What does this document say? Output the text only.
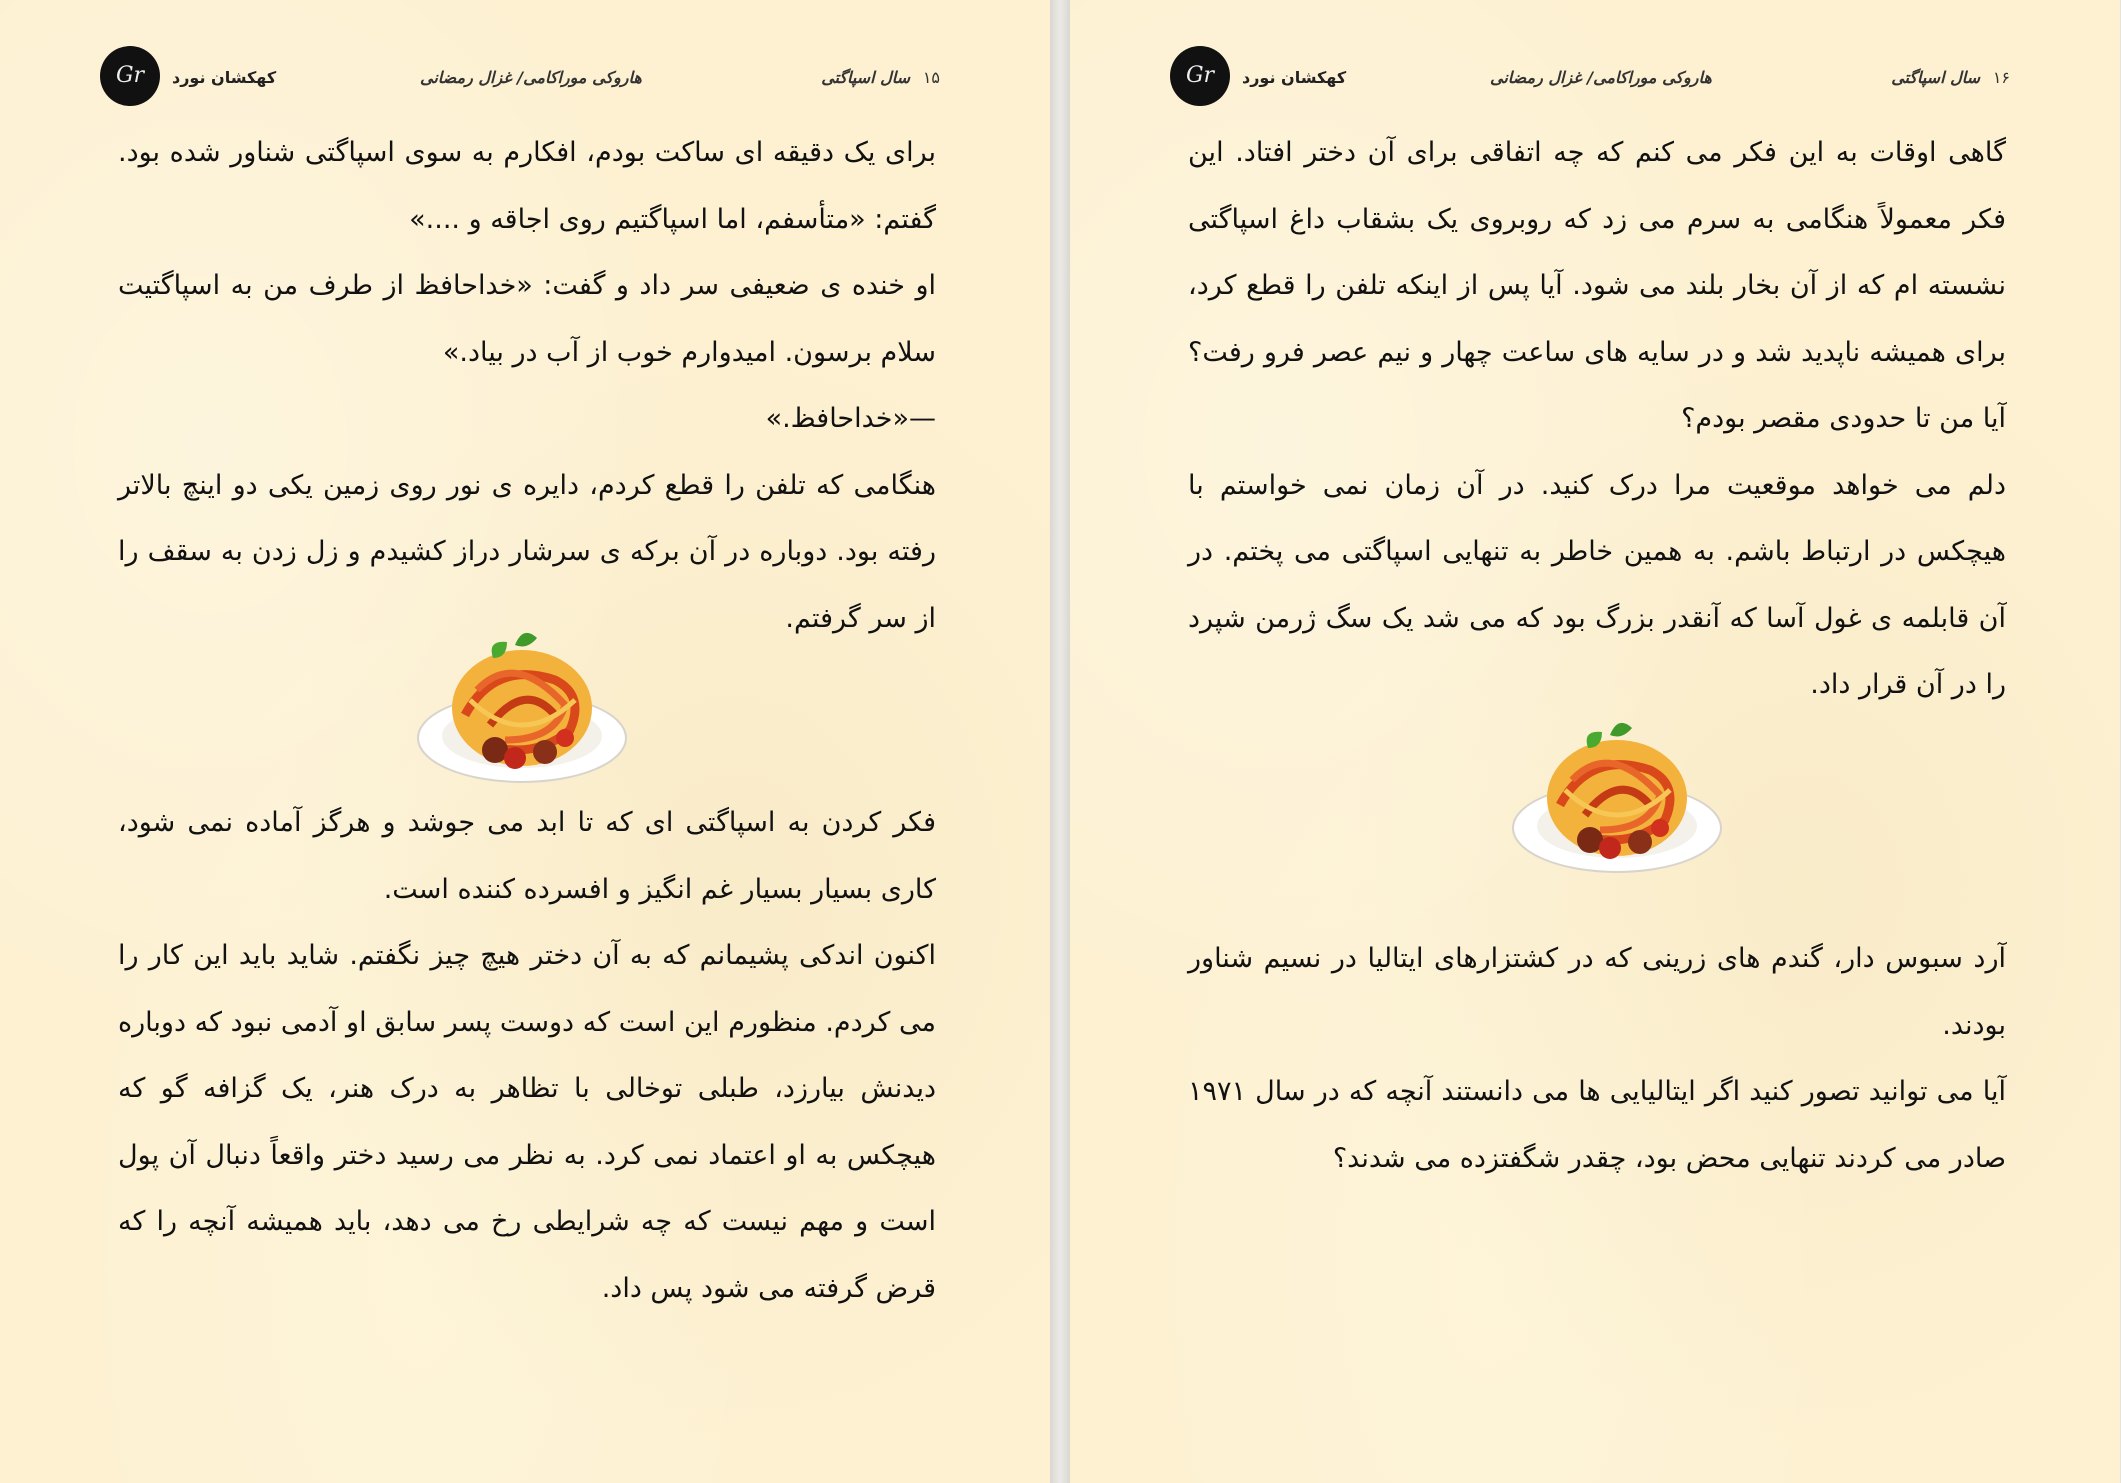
Gr	کهکشان نورد	هاروکی موراکامی/ غزال رمضانی	سال اسپاگتی ۱۵

برای یک دقیقه ای ساکت بودم، افکارم به سوی اسپاگتی شناور شده بود. گفتم: «متأسفم، اما اسپاگتیم روی اجاقه و ....»

او خنده ی ضعیفی سر داد و گفت: «خداحافظ از طرف من به اسپاگتیت سلام برسون. امیدوارم خوب از آب در بیاد.»

—«خداحافظ.»

هنگامی که تلفن را قطع کردم، دایره ی نور روی زمین یکی دو اینچ بالاتر رفته بود. دوباره در آن برکه ی سرشار دراز کشیدم و زل زدن به سقف را از سر گرفتم.

فکر کردن به اسپاگتی ای که تا ابد می جوشد و هرگز آماده نمی شود، کاری بسیار بسیار غم انگیز و افسرده کننده است.

اکنون اندکی پشیمانم که به آن دختر هیچ چیز نگفتم. شاید باید این کار را می کردم. منظورم این است که دوست پسر سابق او آدمی نبود که دوباره دیدنش بیارزد، طبلی توخالی با تظاهر به درک هنر، یک گزافه گو که هیچکس به او اعتماد نمی کرد. به نظر می رسید دختر واقعاً دنبال آن پول است و مهم نیست که چه شرایطی رخ می دهد، باید همیشه آنچه را که قرض گرفته می شود پس داد.

Gr	کهکشان نورد	هاروکی موراکامی/ غزال رمضانی	سال اسپاگتی ۱۶

گاهی اوقات به این فکر می کنم که چه اتفاقی برای آن دختر افتاد. این فکر معمولاً هنگامی به سرم می زد که روبروی یک بشقاب داغ اسپاگتی نشسته ام که از آن بخار بلند می شود. آیا پس از اینکه تلفن را قطع کرد، برای همیشه ناپدید شد و در سایه های ساعت چهار و نیم عصر فرو رفت؟ آیا من تا حدودی مقصر بودم؟

دلم می خواهد موقعیت مرا درک کنید. در آن زمان نمی خواستم با هیچکس در ارتباط باشم. به همین خاطر به تنهایی اسپاگتی می پختم. در آن قابلمه ی غول آسا که آنقدر بزرگ بود که می شد یک سگ ژرمن شپرد را در آن قرار داد.

آرد سبوس دار، گندم های زرینی که در کشتزارهای ایتالیا در نسیم شناور بودند.

آیا می توانید تصور کنید اگر ایتالیایی ها می دانستند آنچه که در سال ۱۹۷۱ صادر می کردند تنهایی محض بود، چقدر شگفتزده می شدند؟
